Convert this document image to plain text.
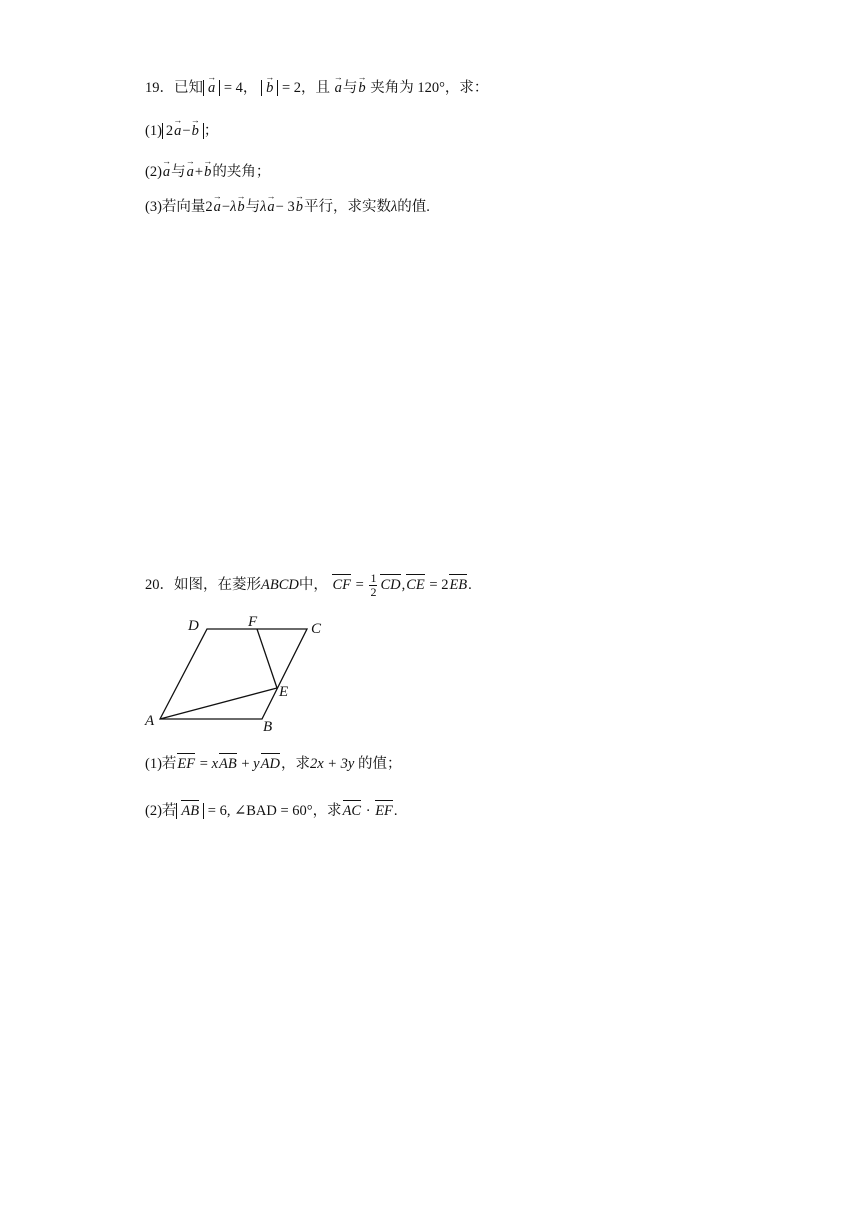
19．已知 a → = 4， b → = 2，且 a →与b → 夹角为 120°，求：
(1) 2a →−b → ；
(2)a →与a →+b →的夹角；
(3)若向量2a →−λb →与λa →− 3b →平行，求实数λ的值.
20．如图，在菱形ABCD中， CF = $\frac{1}{2} CD,CE = 2EB$.
A	B
C
D
E
F
(1)若EF = xAB + yAD，求2x + 3y 的值；
(2)若 AB = 6, ∠BAD = 60°，求AC · EF.
